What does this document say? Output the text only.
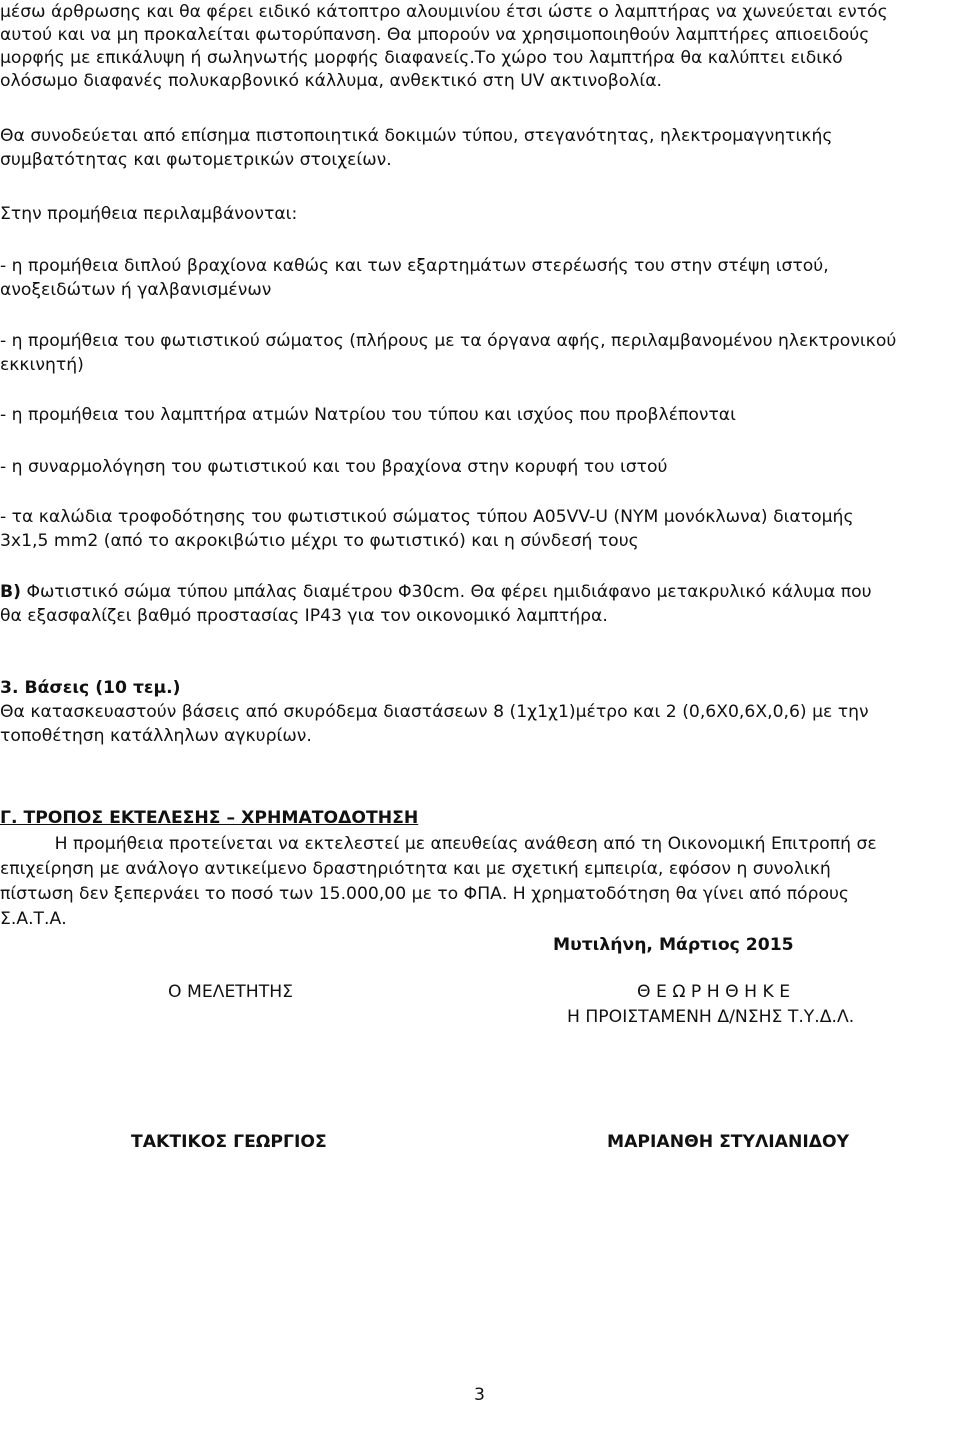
μέσω άρθρωσης και θα φέρει ειδικό κάτοπτρο αλουμινίου έτσι ώστε ο λαμπτήρας να χωνεύεται εντός
αυτού και να μη προκαλείται φωτορύπανση. Θα μπορούν να χρησιμοποιηθούν λαμπτήρες απιοειδούς
μορφής με επικάλυψη ή σωληνωτής μορφής διαφανείς.Το χώρο του λαμπτήρα θα καλύπτει ειδικό
ολόσωμο διαφανές πολυκαρβονικό κάλλυμα, ανθεκτικό στη UV ακτινοβολία.
Θα συνοδεύεται από επίσημα πιστοποιητικά δοκιμών τύπου, στεγανότητας, ηλεκτρομαγνητικής
συμβατότητας και φωτομετρικών στοιχείων.
Στην προμήθεια περιλαμβάνονται:
- η προμήθεια διπλού βραχίονα καθώς και των εξαρτημάτων στερέωσής του στην στέψη ιστού,
ανοξειδώτων ή γαλβανισμένων
- η προμήθεια του φωτιστικού σώματος (πλήρους με τα όργανα αφής, περιλαμβανομένου ηλεκτρονικού
εκκινητή)
- η προμήθεια του λαμπτήρα ατμών Νατρίου του τύπου και ισχύος που προβλέπονται
- η συναρμολόγηση του φωτιστικού και του βραχίονα στην κορυφή του ιστού
- τα καλώδια τροφοδότησης του φωτιστικού σώματος τύπου A05VV-U (NYM μονόκλωνα) διατομής
3x1,5 mm2 (από το ακροκιβώτιο μέχρι το φωτιστικό) και η σύνδεσή τους
Β) Φωτιστικό σώμα τύπου μπάλας διαμέτρου Φ30cm. Θα φέρει ημιδιάφανο μετακρυλικό κάλυμα που
θα εξασφαλίζει βαθμό προστασίας IP43 για τον οικονομικό λαμπτήρα.
3. Βάσεις (10 τεμ.)
Θα κατασκευαστούν βάσεις από σκυρόδεμα διαστάσεων 8 (1χ1χ1)μέτρο και 2 (0,6Χ0,6Χ,0,6) με την
τοποθέτηση κατάλληλων αγκυρίων.
Γ. ΤΡΟΠΟΣ ΕΚΤΕΛΕΣΗΣ – ΧΡΗΜΑΤΟΔΟΤΗΣΗ
Η προμήθεια προτείνεται να εκτελεστεί με απευθείας ανάθεση από τη Οικονομική Επιτροπή σε
επιχείρηση με ανάλογο αντικείμενο δραστηριότητα και με σχετική εμπειρία, εφόσον η συνολική
πίστωση δεν ξεπερνάει το ποσό των 15.000,00 με το ΦΠΑ. Η χρηματοδότηση θα γίνει από πόρους
Σ.Α.Τ.Α.
Μυτιλήνη, Μάρτιος 2015
Ο ΜΕΛΕΤΗΤΗΣ	Θ Ε Ω Ρ Η Θ Η Κ Ε
Η ΠΡΟΙΣΤΑΜΕΝΗ Δ/ΝΣΗΣ Τ.Υ.Δ.Λ.
ΤΑΚΤΙΚΟΣ ΓΕΩΡΓΙΟΣ	ΜΑΡΙΑΝΘΗ ΣΤΥΛΙΑΝΙΔΟΥ
3
